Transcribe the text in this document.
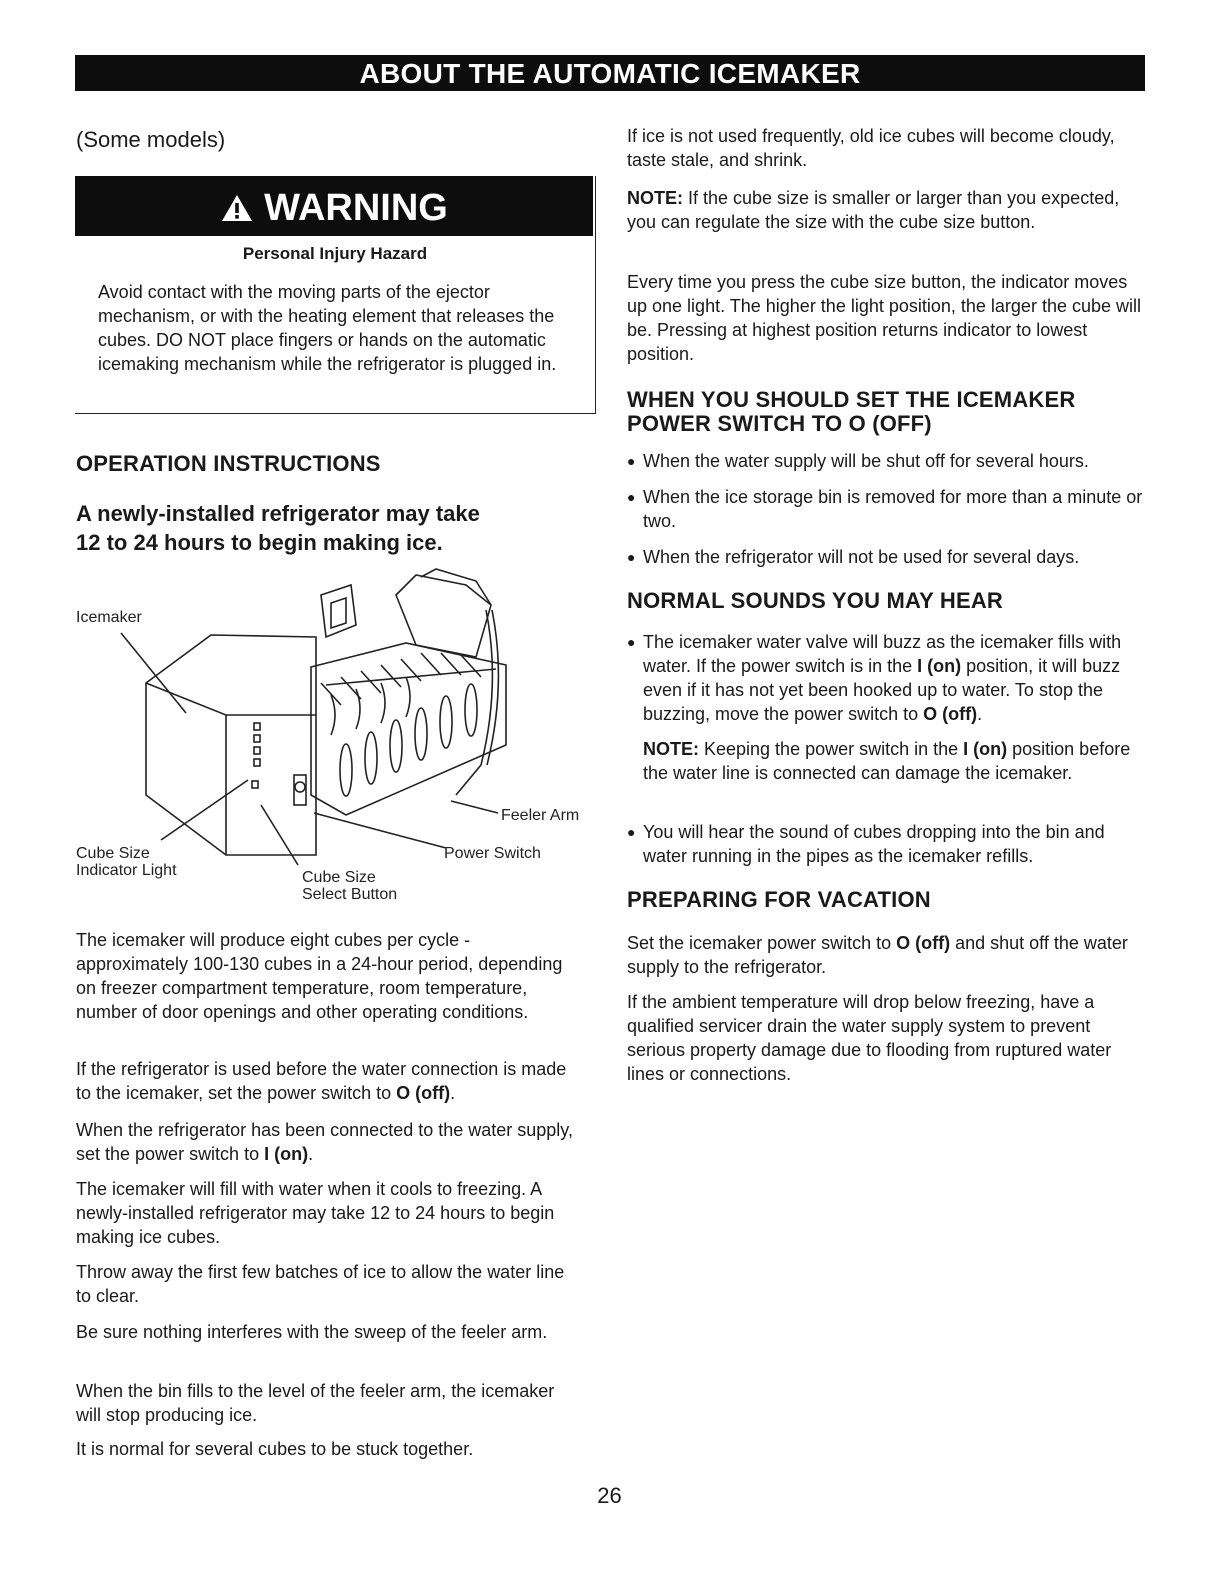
ABOUT THE AUTOMATIC ICEMAKER
(Some models)
WARNING
Personal Injury Hazard

Avoid contact with the moving parts of the ejector mechanism, or with the heating element that releases the cubes. DO NOT place fingers or hands on the automatic icemaking mechanism while the refrigerator is plugged in.

OPERATION INSTRUCTIONS
A newly-installed refrigerator may take
12 to 24 hours to begin making ice.
Icemaker
Feeler Arm
Power Switch
Cube Size
Indicator Light	Cube Size
Select Button

The icemaker will produce eight cubes per cycle - approximately 100-130 cubes in a 24-hour period, depending on freezer compartment temperature, room temperature, number of door openings and other operating conditions.

If the refrigerator is used before the water connection is made to the icemaker, set the power switch to O (off).

When the refrigerator has been connected to the water supply, set the power switch to I (on).

The icemaker will fill with water when it cools to freezing. A newly-installed refrigerator may take 12 to 24 hours to begin making ice cubes.

Throw away the first few batches of ice to allow the water line to clear.

Be sure nothing interferes with the sweep of the feeler arm.

When the bin fills to the level of the feeler arm, the icemaker will stop producing ice.

It is normal for several cubes to be stuck together.

If ice is not used frequently, old ice cubes will become cloudy, taste stale, and shrink.

NOTE: If the cube size is smaller or larger than you expected, you can regulate the size with the cube size button.

Every time you press the cube size button, the indicator moves up one light. The higher the light position, the larger the cube will be. Pressing at highest position returns indicator to lowest position.

WHEN YOU SHOULD SET THE ICEMAKER
POWER SWITCH TO O (OFF)
● When the water supply will be shut off for several hours.
● When the ice storage bin is removed for more than a minute or two.
● When the refrigerator will not be used for several days.
NORMAL SOUNDS YOU MAY HEAR
● The icemaker water valve will buzz as the icemaker fills with water. If the power switch is in the I (on) position, it will buzz even if it has not yet been hooked up to water. To stop the buzzing, move the power switch to O (off).

NOTE: Keeping the power switch in the I (on) position before the water line is connected can damage the icemaker.

● You will hear the sound of cubes dropping into the bin and water running in the pipes as the icemaker refills.
PREPARING FOR VACATION

Set the icemaker power switch to O (off) and shut off the water supply to the refrigerator.

If the ambient temperature will drop below freezing, have a qualified servicer drain the water supply system to prevent serious property damage due to flooding from ruptured water lines or connections.

26
